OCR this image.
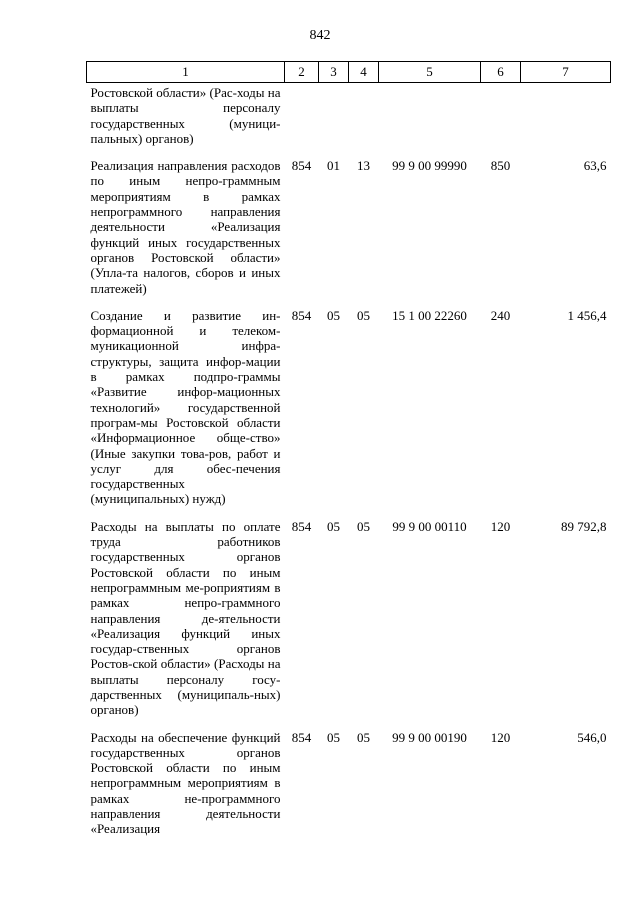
842
1	2	3	4	5	6	7
Ростовской области» (Рас-ходы на выплаты персоналу государственных (муници-пальных) органов)						

Реализация направления расходов по иным непро-граммным мероприятиям в рамках непрограммного направления деятельности «Реализация функций иных государственных органов Ростовской области» (Упла-та налогов, сборов и иных платежей)	854	01	13	99 9 00 99990	850	63,6

Создание и развитие ин-формационной и телеком-муникационной инфра-структуры, защита инфор-мации в рамках подпро-граммы «Развитие инфор-мационных технологий» государственной програм-мы Ростовской области «Информационное обще-ство» (Иные закупки това-ров, работ и услуг для обес-печения государственных (муниципальных) нужд)	854	05	05	15 1 00 22260	240	1 456,4

Расходы на выплаты по оплате труда работников государственных органов Ростовской области по иным непрограммным ме-роприятиям в рамках непро-граммного направления де-ятельности «Реализация функций иных государ-ственных органов Ростов-ской области» (Расходы на выплаты персоналу госу-дарственных (муниципаль-ных) органов)	854	05	05	99 9 00 00110	120	89 792,8

Расходы на обеспечение функций государственных органов Ростовской области по иным непрограммным мероприятиям в рамках не-программного направления деятельности «Реализация	854	05	05	99 9 00 00190	120	546,0
